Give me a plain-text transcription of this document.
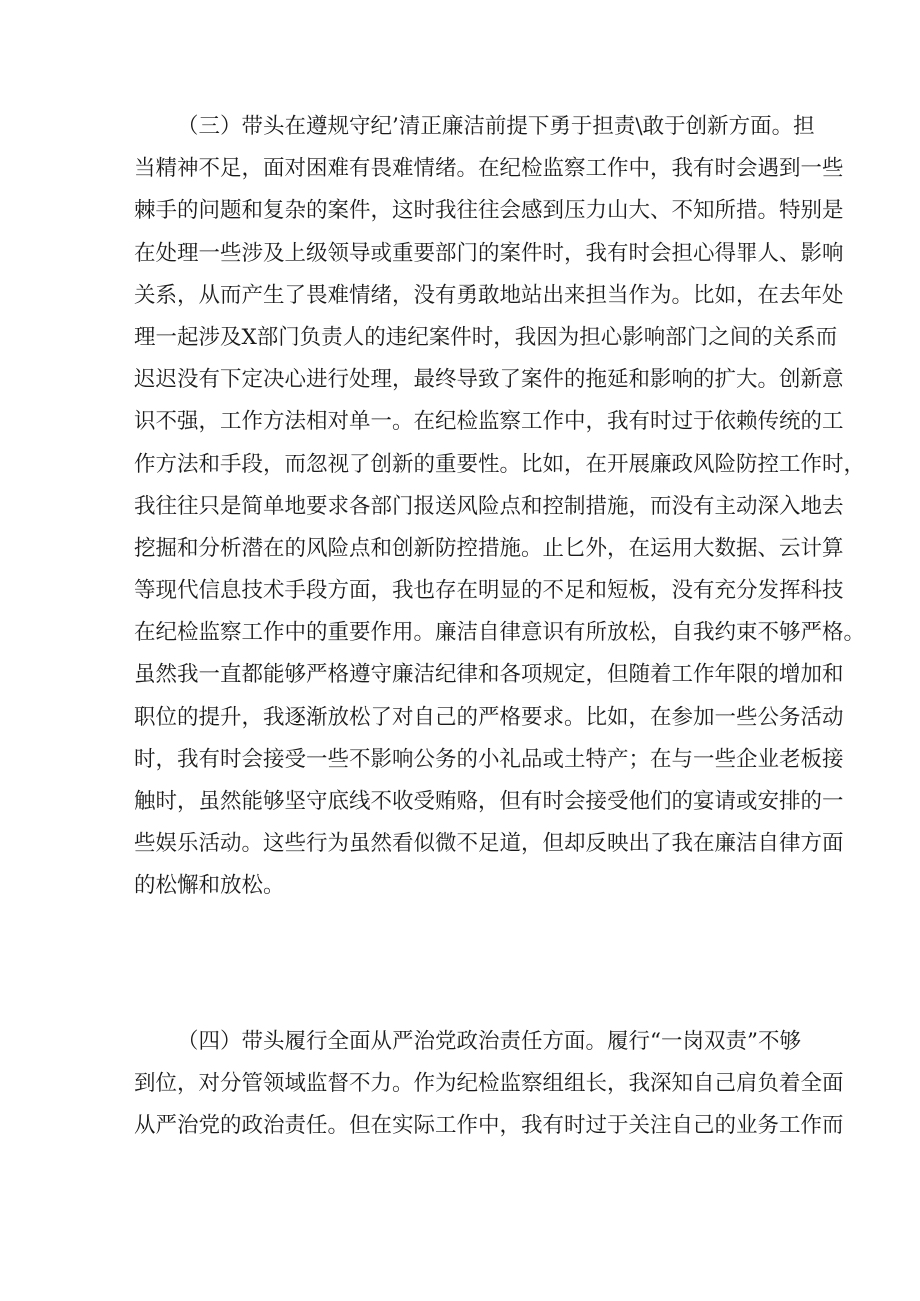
（三）带头在遵规守纪’清正廉洁前提下勇于担责\敢于创新方面。担
当精神不足，面对困难有畏难情绪。在纪检监察工作中，我有时会遇到一些
棘手的问题和复杂的案件，这时我往往会感到压力山大、不知所措。特别是
在处理一些涉及上级领导或重要部门的案件时，我有时会担心得罪人、影响
关系，从而产生了畏难情绪，没有勇敢地站出来担当作为。比如，在去年处
理一起涉及X部门负责人的违纪案件时，我因为担心影响部门之间的关系而
迟迟没有下定决心进行处理，最终导致了案件的拖延和影响的扩大。创新意
识不强，工作方法相对单一。在纪检监察工作中，我有时过于依赖传统的工
作方法和手段，而忽视了创新的重要性。比如，在开展廉政风险防控工作时，
我往往只是简单地要求各部门报送风险点和控制措施，而没有主动深入地去
挖掘和分析潜在的风险点和创新防控措施。止匕外，在运用大数据、云计算
等现代信息技术手段方面，我也存在明显的不足和短板，没有充分发挥科技
在纪检监察工作中的重要作用。廉洁自律意识有所放松，自我约束不够严格。
虽然我一直都能够严格遵守廉洁纪律和各项规定，但随着工作年限的增加和
职位的提升，我逐渐放松了对自己的严格要求。比如，在参加一些公务活动
时，我有时会接受一些不影响公务的小礼品或土特产；在与一些企业老板接
触时，虽然能够坚守底线不收受贿赂，但有时会接受他们的宴请或安排的一
些娱乐活动。这些行为虽然看似微不足道，但却反映出了我在廉洁自律方面
的松懈和放松。
（四）带头履行全面从严治党政治责任方面。履行“一岗双责”不够
到位，对分管领域监督不力。作为纪检监察组组长，我深知自己肩负着全面
从严治党的政治责任。但在实际工作中，我有时过于关注自己的业务工作而
